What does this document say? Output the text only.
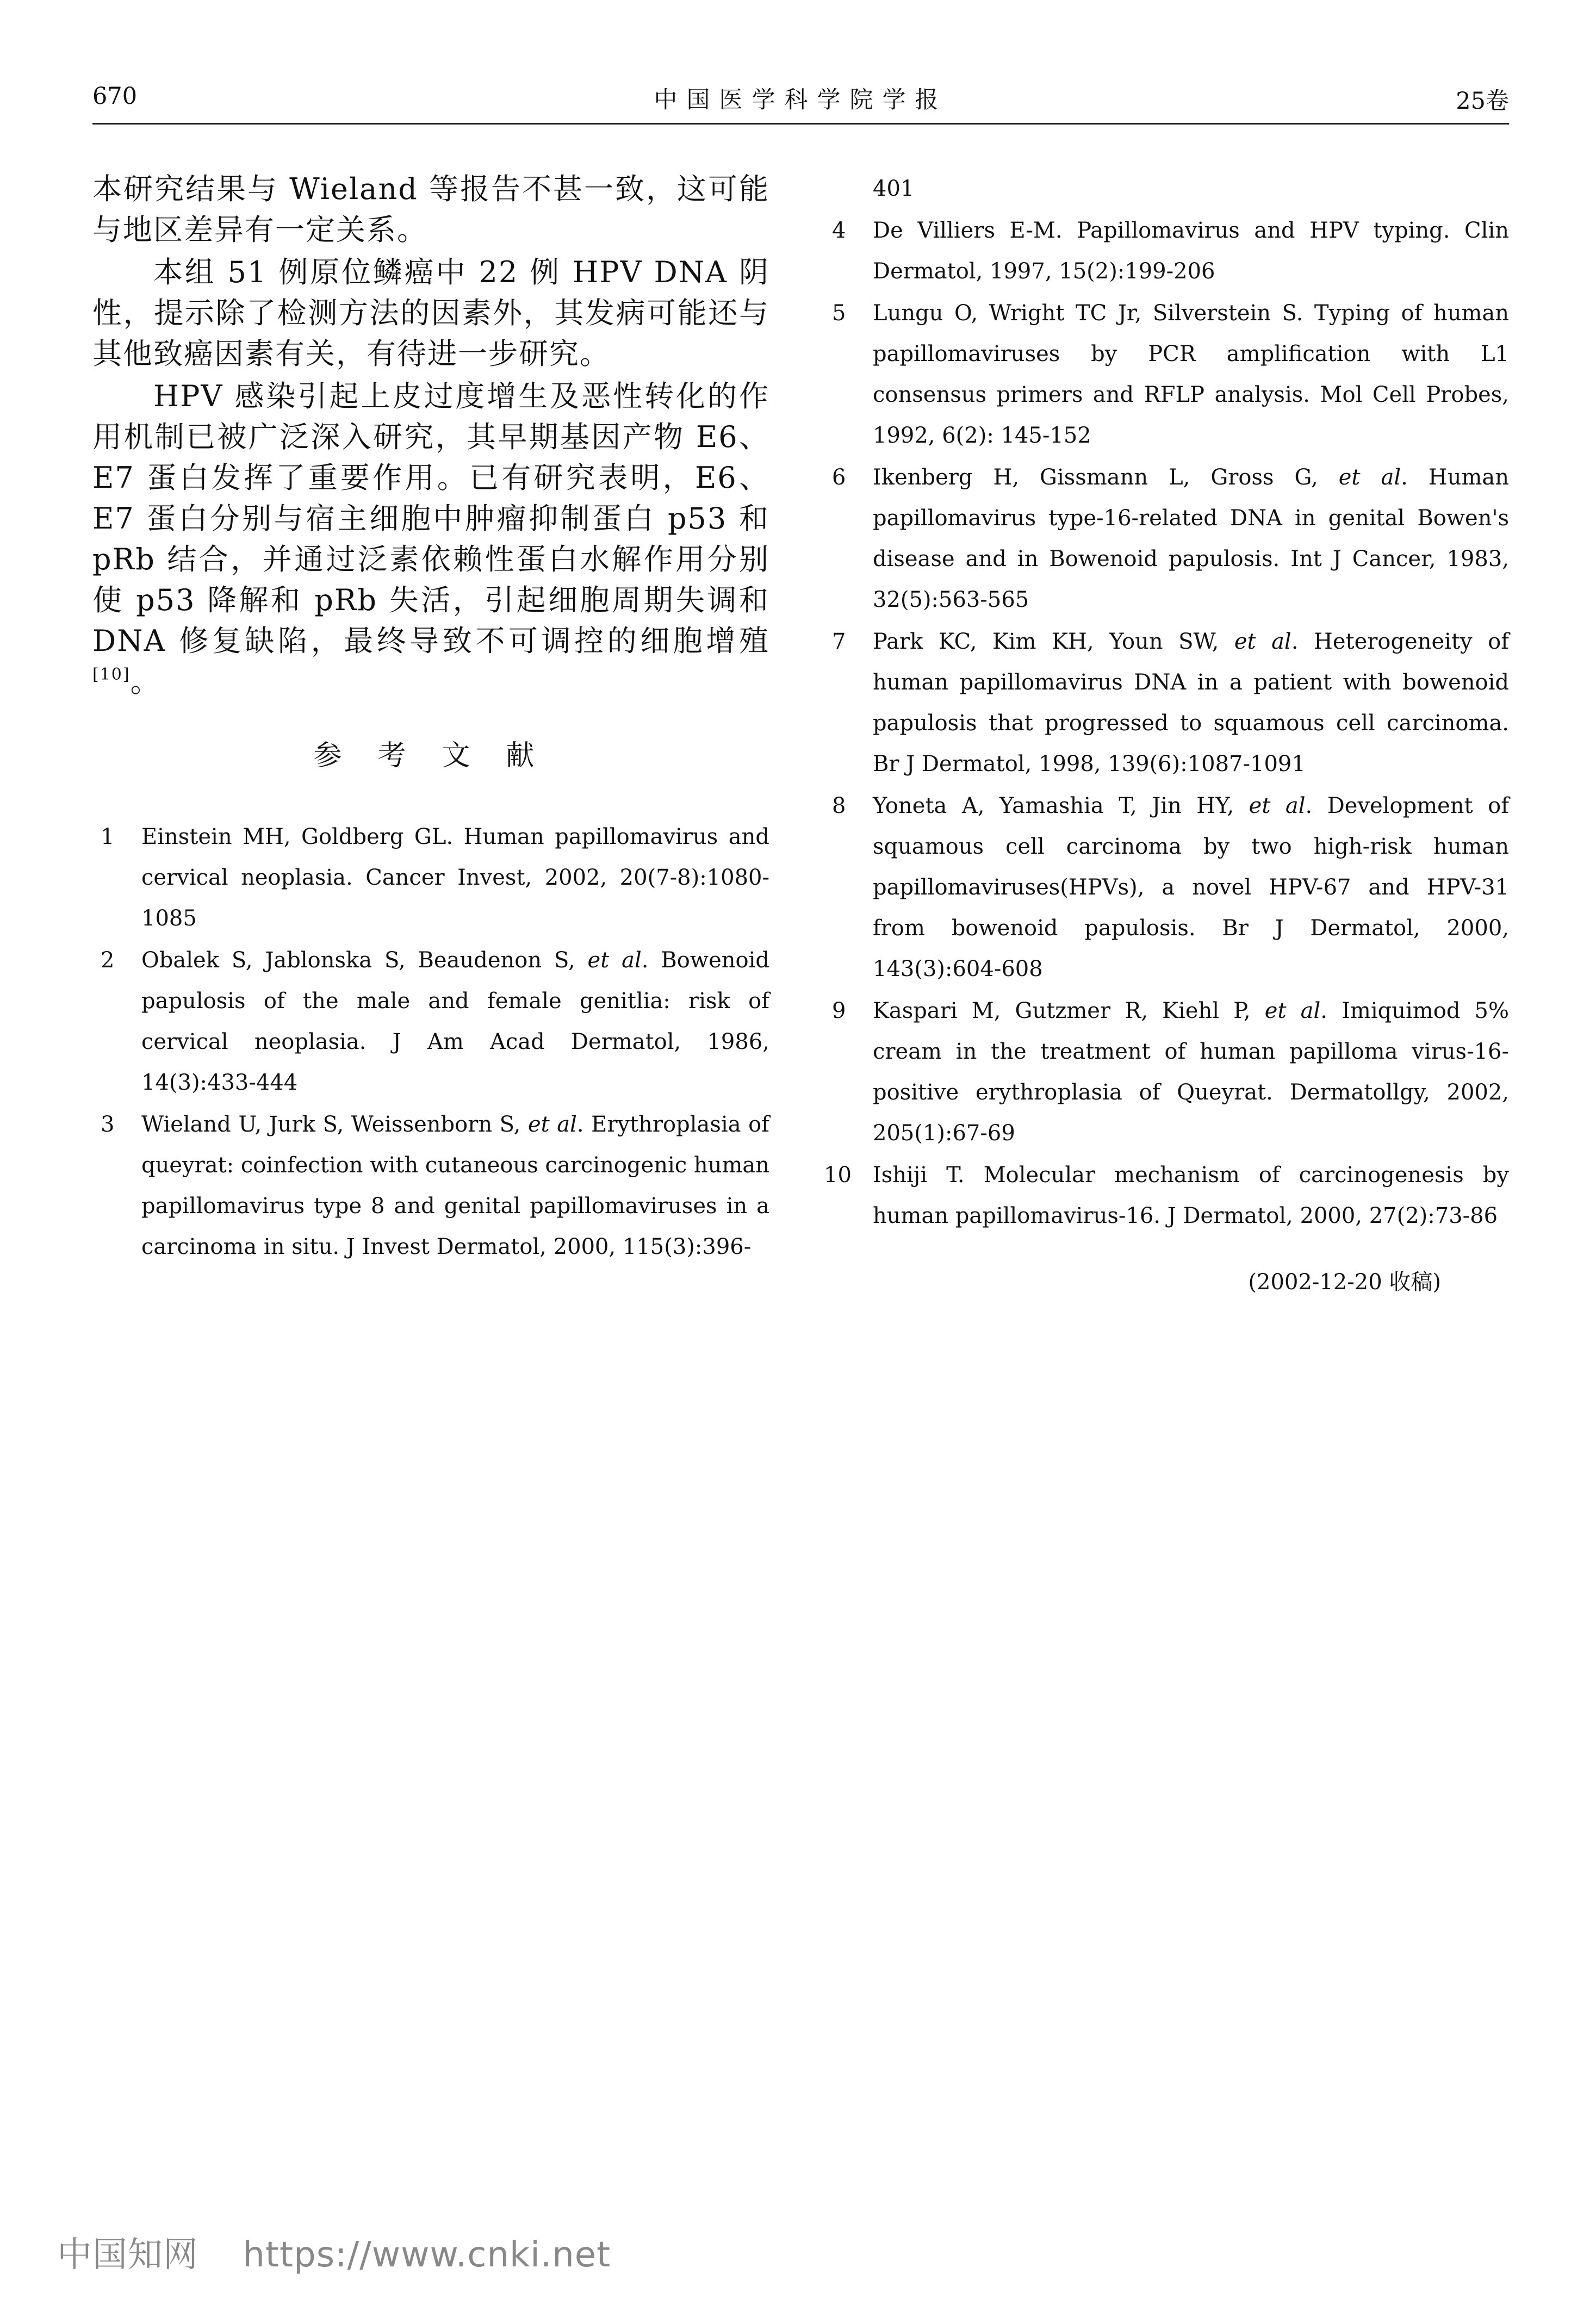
670	中国医学科学院学报	25卷

本研究结果与 Wieland 等报告不甚一致，这可能与地区差异有一定关系。

本组 51 例原位鳞癌中 22 例 HPV DNA 阴性，提示除了检测方法的因素外，其发病可能还与其他致癌因素有关，有待进一步研究。

HPV 感染引起上皮过度增生及恶性转化的作用机制已被广泛深入研究，其早期基因产物 E6、E7 蛋白发挥了重要作用。已有研究表明，E6、E7 蛋白分别与宿主细胞中肿瘤抑制蛋白 p53 和 pRb 结合，并通过泛素依赖性蛋白水解作用分别使 p53 降解和 pRb 失活，引起细胞周期失调和 DNA 修复缺陷，最终导致不可调控的细胞增殖[10]。

参考文献
1 Einstein MH, Goldberg GL. Human papillomavirus and cervical neoplasia. Cancer Invest, 2002, 20(7-8):1080-1085

2 Obalek S, Jablonska S, Beaudenon S, et al. Bowenoid papulosis of the male and female genitlia: risk of cervical neoplasia. J Am Acad Dermatol, 1986, 14(3):433-444

3 Wieland U, Jurk S, Weissenborn S, et al. Erythroplasia of queyrat: coinfection with cutaneous carcinogenic human papillomavirus type 8 and genital papillomaviruses in a carcinoma in situ. J Invest Dermatol, 2000, 115(3):396-

401

4 De Villiers E-M. Papillomavirus and HPV typing. Clin Dermatol, 1997, 15(2):199-206

5 Lungu O, Wright TC Jr, Silverstein S. Typing of human papillomaviruses by PCR amplification with L1 consensus primers and RFLP analysis. Mol Cell Probes, 1992, 6(2): 145-152

6 Ikenberg H, Gissmann L, Gross G, et al. Human papillomavirus type-16-related DNA in genital Bowen's disease and in Bowenoid papulosis. Int J Cancer, 1983, 32(5):563-565

7 Park KC, Kim KH, Youn SW, et al. Heterogeneity of human papillomavirus DNA in a patient with bowenoid papulosis that progressed to squamous cell carcinoma. Br J Dermatol, 1998, 139(6):1087-1091

8 Yoneta A, Yamashia T, Jin HY, et al. Development of squamous cell carcinoma by two high-risk human papillomaviruses(HPVs), a novel HPV-67 and HPV-31 from bowenoid papulosis. Br J Dermatol, 2000, 143(3):604-608

9 Kaspari M, Gutzmer R, Kiehl P, et al. Imiquimod 5% cream in the treatment of human papilloma virus-16-positive erythroplasia of Queyrat. Dermatollgy, 2002, 205(1):67-69

10 Ishiji T. Molecular mechanism of carcinogenesis by human papillomavirus-16. J Dermatol, 2000, 27(2):73-86

(2002-12-20 收稿)
中国知网 https://www.cnki.net
